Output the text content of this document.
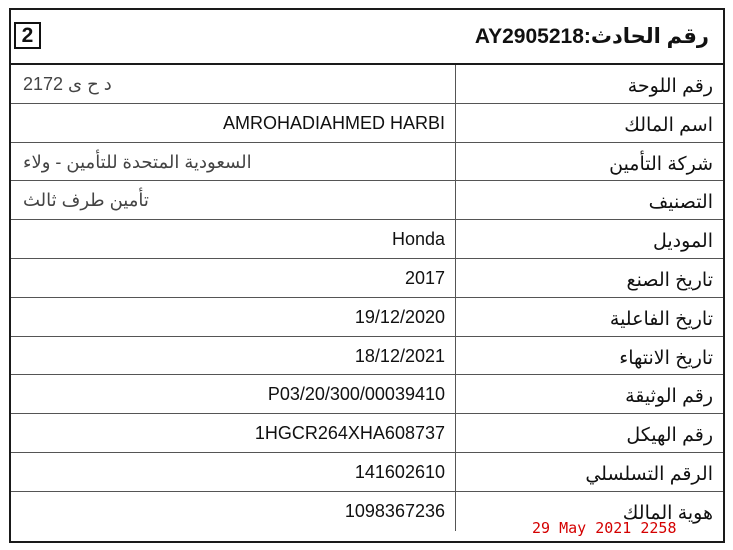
2	رقم الحادث:AY2905218
رقم اللوحة
د ح ی 2172
اسم المالك
AMROHADIAHMED HARBI
شركة التأمين
السعودية المتحدة للتأمين - ولاء
التصنيف
تأمين طرف ثالث
الموديل
Honda
تاريخ الصنع
2017
تاريخ الفاعلية
19/12/2020
تاريخ الانتهاء
18/12/2021
رقم الوثيقة
P03/20/300/00039410
رقم الهيكل
1HGCR264XHA608737
الرقم التسلسلي
141602610
هوية المالك
1098367236
29 May 2021 2258
